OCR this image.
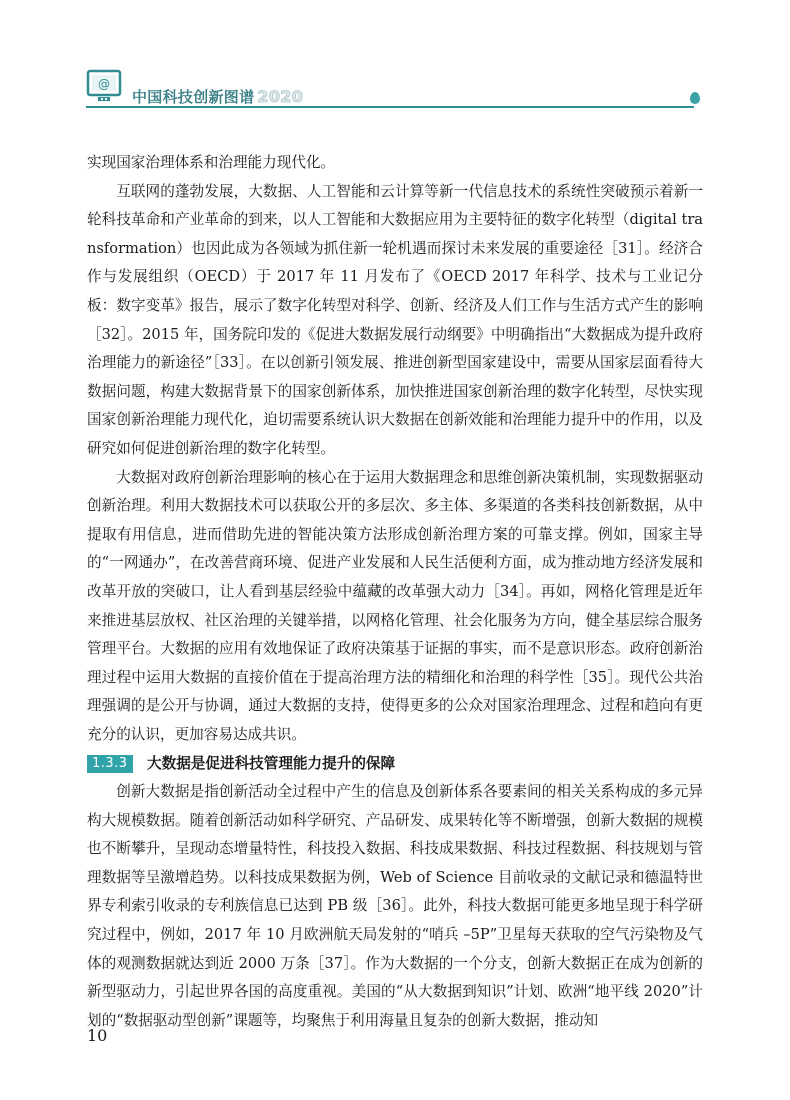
@
中国科技创新图谱 2020

实现国家治理体系和治理能力现代化。

互联网的蓬勃发展，大数据、人工智能和云计算等新一代信息技术的系统性突破预示着新一轮科技革命和产业革命的到来，以人工智能和大数据应用为主要特征的数字化转型（digital transformation）也因此成为各领域为抓住新一轮机遇而探讨未来发展的重要途径［31］。经济合作与发展组织（OECD）于 2017 年 11 月发布了《OECD 2017 年科学、技术与工业记分板：数字变革》报告，展示了数字化转型对科学、创新、经济及人们工作与生活方式产生的影响［32］。2015 年，国务院印发的《促进大数据发展行动纲要》中明确指出“大数据成为提升政府治理能力的新途径”［33］。在以创新引领发展、推进创新型国家建设中，需要从国家层面看待大数据问题，构建大数据背景下的国家创新体系，加快推进国家创新治理的数字化转型，尽快实现国家创新治理能力现代化，迫切需要系统认识大数据在创新效能和治理能力提升中的作用，以及研究如何促进创新治理的数字化转型。

大数据对政府创新治理影响的核心在于运用大数据理念和思维创新决策机制，实现数据驱动创新治理。利用大数据技术可以获取公开的多层次、多主体、多渠道的各类科技创新数据，从中提取有用信息，进而借助先进的智能决策方法形成创新治理方案的可靠支撑。例如，国家主导的“一网通办”，在改善营商环境、促进产业发展和人民生活便利方面，成为推动地方经济发展和改革开放的突破口，让人看到基层经验中蕴藏的改革强大动力［34］。再如，网格化管理是近年来推进基层放权、社区治理的关键举措，以网格化管理、社会化服务为方向，健全基层综合服务管理平台。大数据的应用有效地保证了政府决策基于证据的事实，而不是意识形态。政府创新治理过程中运用大数据的直接价值在于提高治理方法的精细化和治理的科学性［35］。现代公共治理强调的是公开与协调，通过大数据的支持，使得更多的公众对国家治理理念、过程和趋向有更充分的认识，更加容易达成共识。

1.3.3	大数据是促进科技管理能力提升的保障

创新大数据是指创新活动全过程中产生的信息及创新体系各要素间的相关关系构成的多元异构大规模数据。随着创新活动如科学研究、产品研发、成果转化等不断增强，创新大数据的规模也不断攀升，呈现动态增量特性，科技投入数据、科技成果数据、科技过程数据、科技规划与管理数据等呈激增趋势。以科技成果数据为例，Web of Science 目前收录的文献记录和德温特世界专利索引收录的专利族信息已达到 PB 级［36］。此外，科技大数据可能更多地呈现于科学研究过程中，例如，2017 年 10 月欧洲航天局发射的“哨兵 –5P”卫星每天获取的空气污染物及气体的观测数据就达到近 2000 万条［37］。作为大数据的一个分支，创新大数据正在成为创新的新型驱动力，引起世界各国的高度重视。美国的“从大数据到知识”计划、欧洲“地平线 2020”计划的“数据驱动型创新”课题等，均聚焦于利用海量且复杂的创新大数据，推动知

10
